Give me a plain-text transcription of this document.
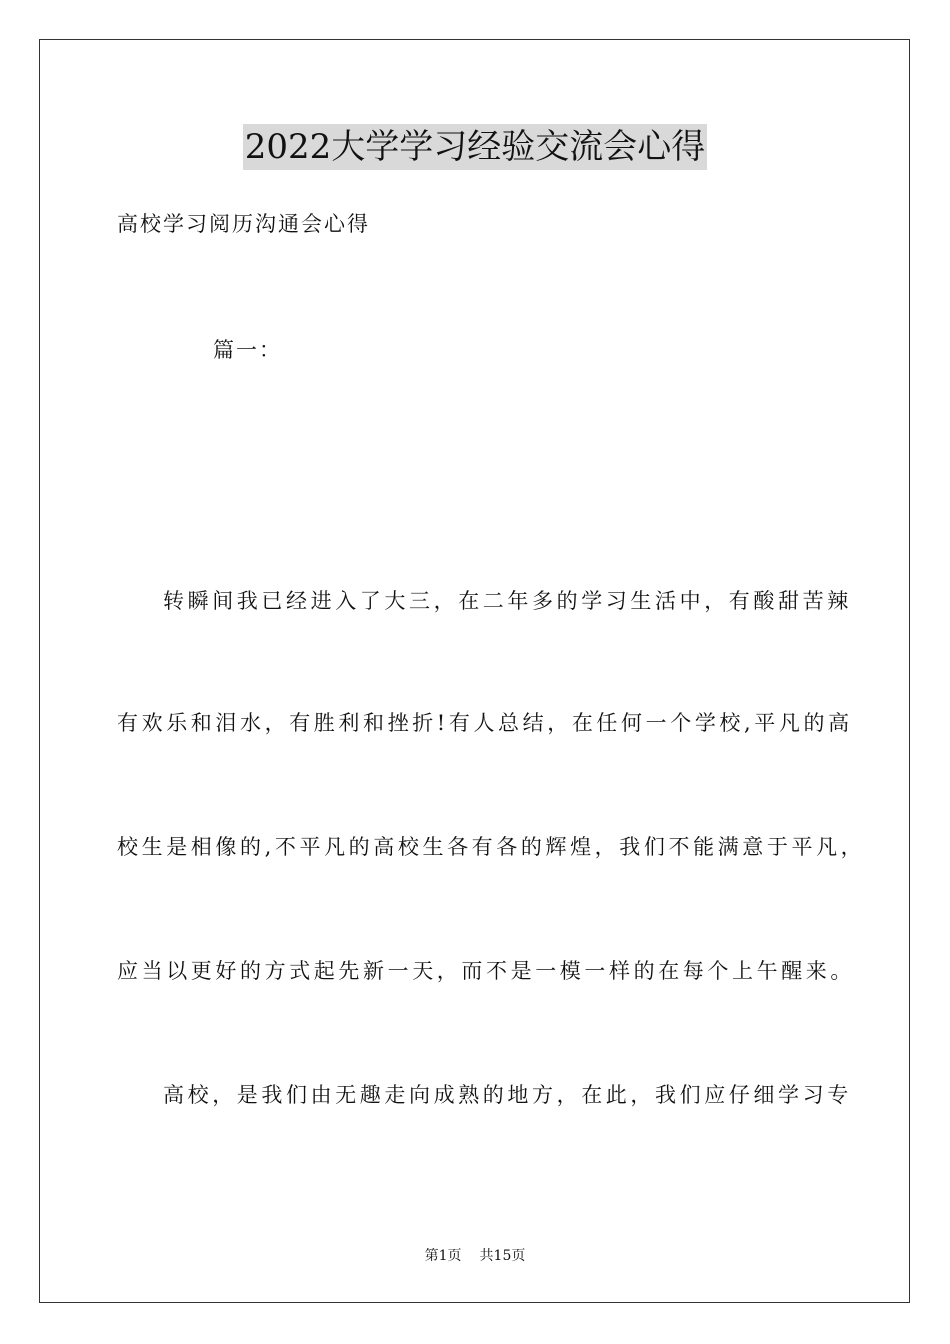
2022大学学习经验交流会心得

高校学习阅历沟通会心得

篇一：

转瞬间我已经进入了大三，在二年多的学习生活中，有酸甜苦辣

有欢乐和泪水，有胜利和挫折!有人总结，在任何一个学校,平凡的高

校生是相像的,不平凡的高校生各有各的辉煌，我们不能满意于平凡，

应当以更好的方式起先新一天，而不是一模一样的在每个上午醒来。

高校，是我们由无趣走向成熟的地方，在此，我们应仔细学习专

第1页 共15页
